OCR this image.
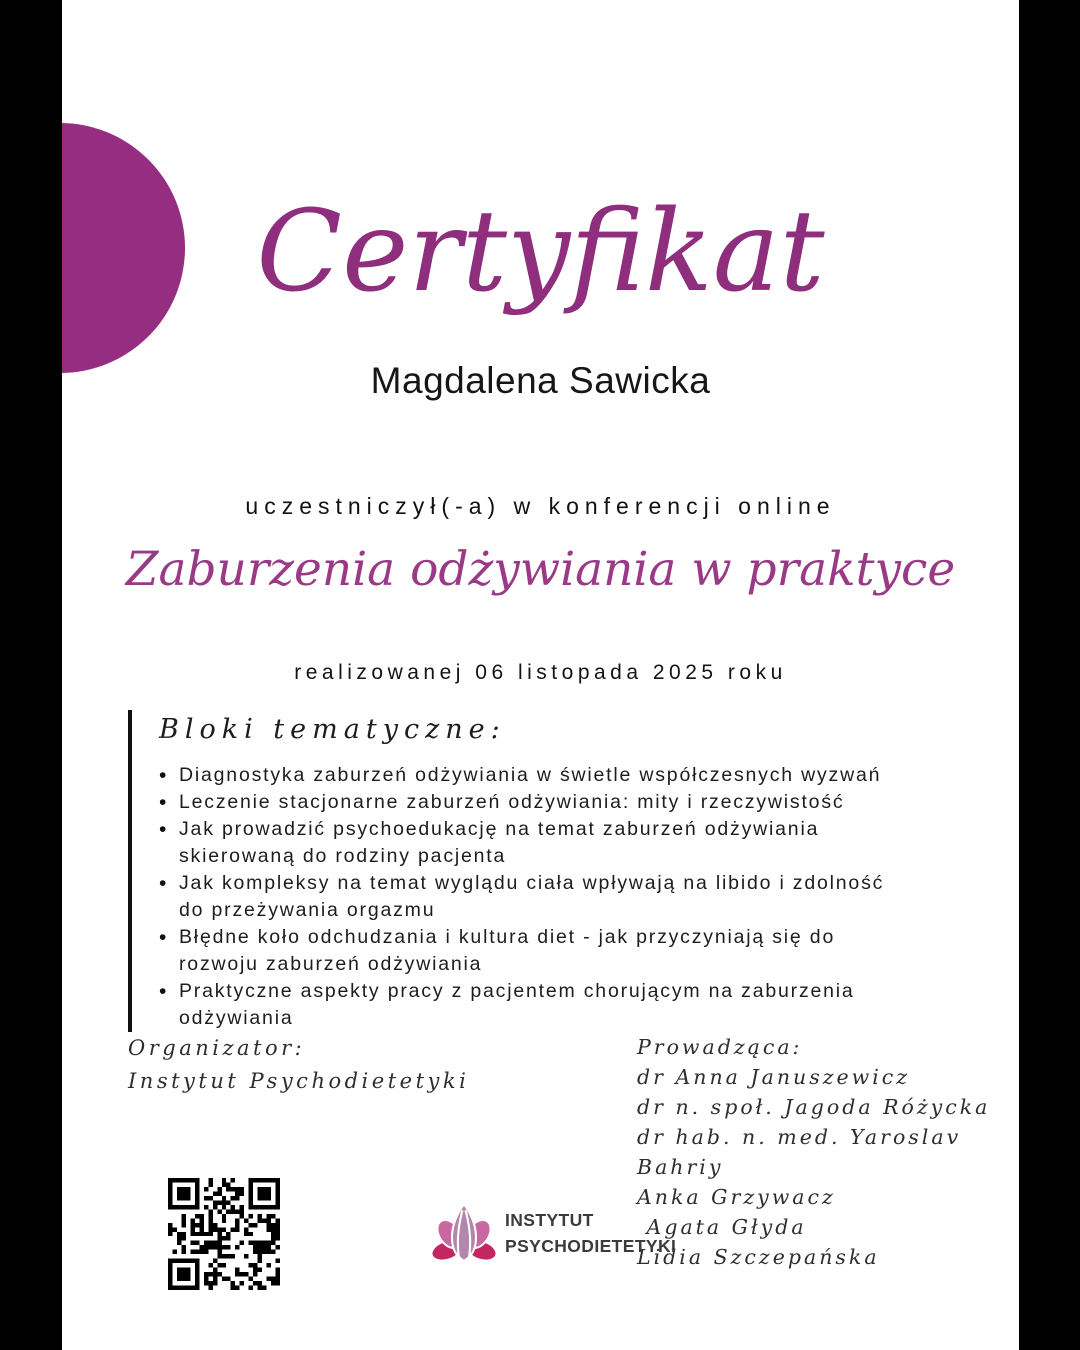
Certyfikat
Magdalena Sawicka
uczestniczył(-a) w konferencji online
Zaburzenia odżywiania w praktyce
realizowanej 06 listopada 2025 roku
Bloki tematyczne:
• Diagnostyka zaburzeń odżywiania w świetle współczesnych wyzwań
• Leczenie stacjonarne zaburzeń odżywiania: mity i rzeczywistość
• Jak prowadzić psychoedukację na temat zaburzeń odżywiania skierowaną do rodziny pacjenta
• Jak kompleksy na temat wyglądu ciała wpływają na libido i zdolność do przeżywania orgazmu
• Błędne koło odchudzania i kultura diet - jak przyczyniają się do rozwoju zaburzeń odżywiania
• Praktyczne aspekty pracy z pacjentem chorującym na zaburzenia odżywiania
Organizator:
Instytut Psychodietetyki
Prowadząca:
dr Anna Januszewicz
dr n. społ. Jagoda Różycka
dr hab. n. med. Yaroslav Bahriy
Anka Grzywacz
Agata Głyda
Lidia Szczepańska
INSTYTUT
PSYCHODIETETYKI
